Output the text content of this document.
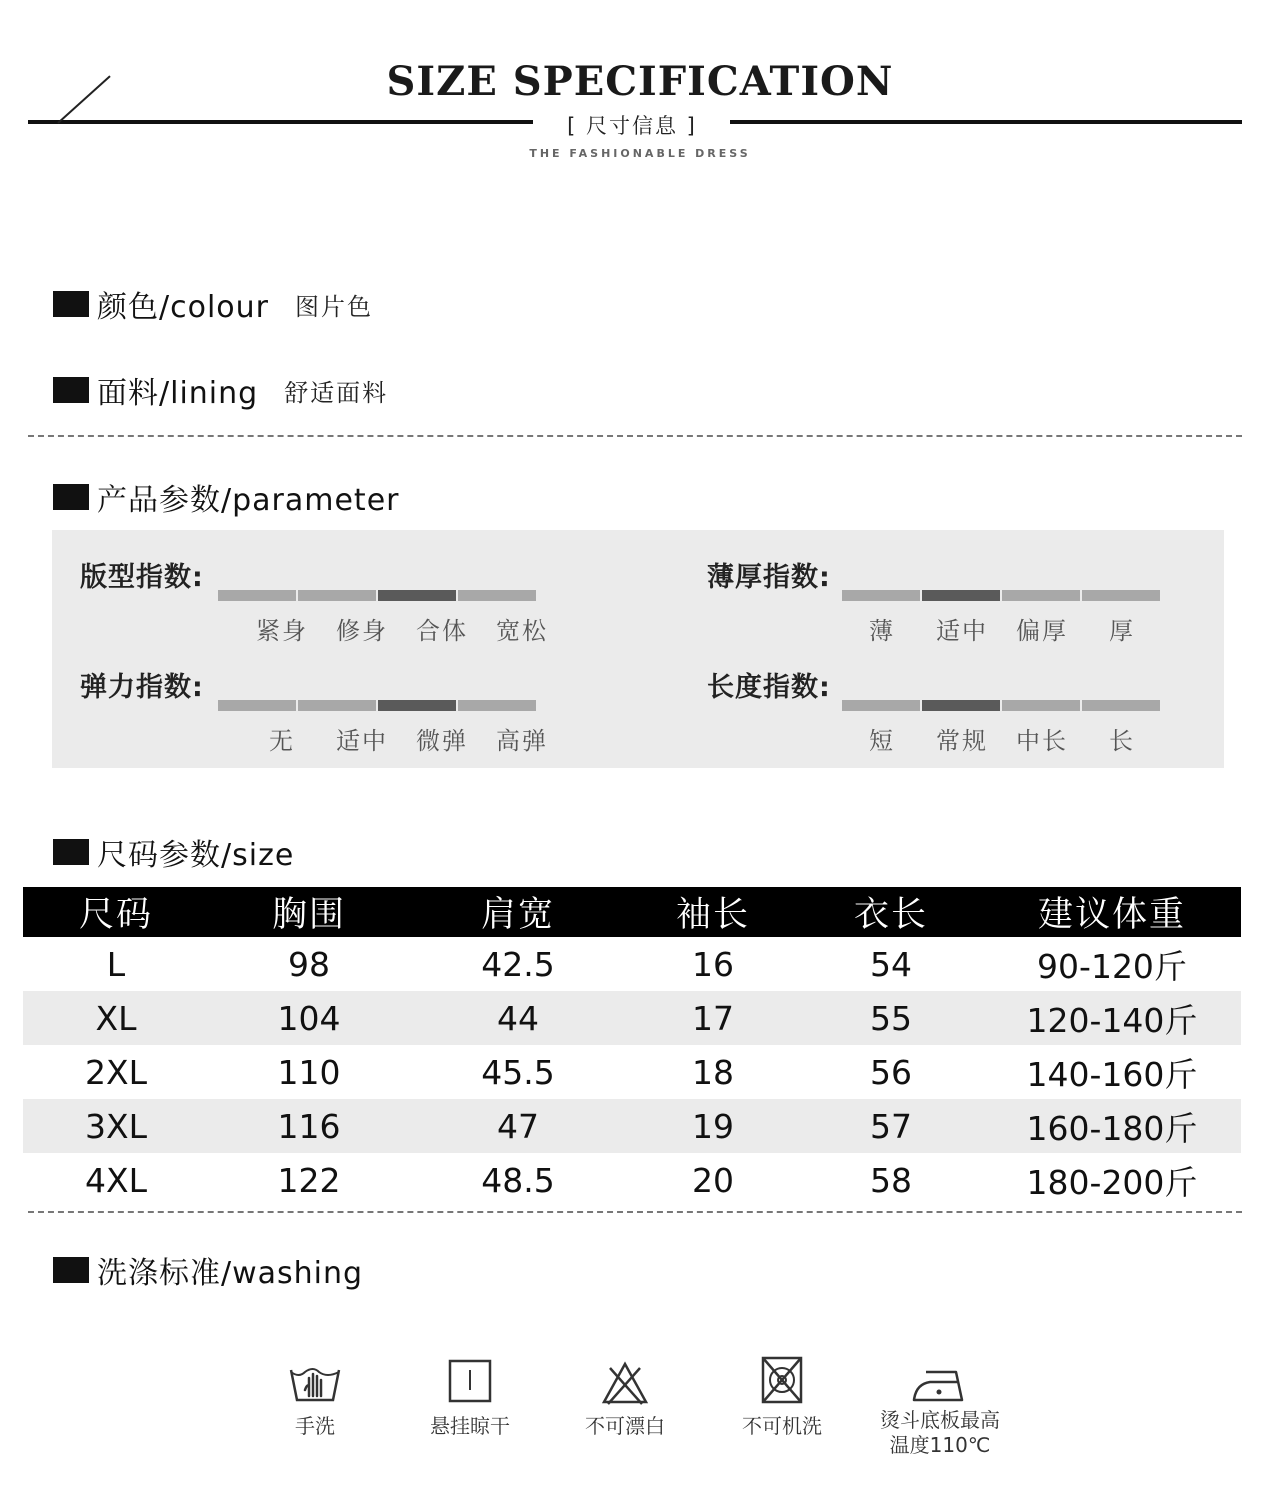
SIZE SPECIFICATION
[ 尺寸信息 ]
THE FASHIONABLE DRESS
颜色/colour 图片色
面料/lining 舒适面料
产品参数/parameter
版型指数:
紧身	修身	合体	宽松
薄厚指数:
薄	适中	偏厚	厚
弹力指数:
无	适中	微弹	高弹
长度指数:
短	常规	中长	长
尺码参数/size
尺码	胸围	肩宽	袖长	衣长	建议体重
L	98	42.5	16	54	90-120斤
XL	104	44	17	55	120-140斤
2XL	110	45.5	18	56	140-160斤
3XL	116	47	19	57	160-180斤
4XL	122	48.5	20	58	180-200斤
洗涤标准/washing
手洗	悬挂晾干	不可漂白	不可机洗	烫斗底板最高
温度110℃
